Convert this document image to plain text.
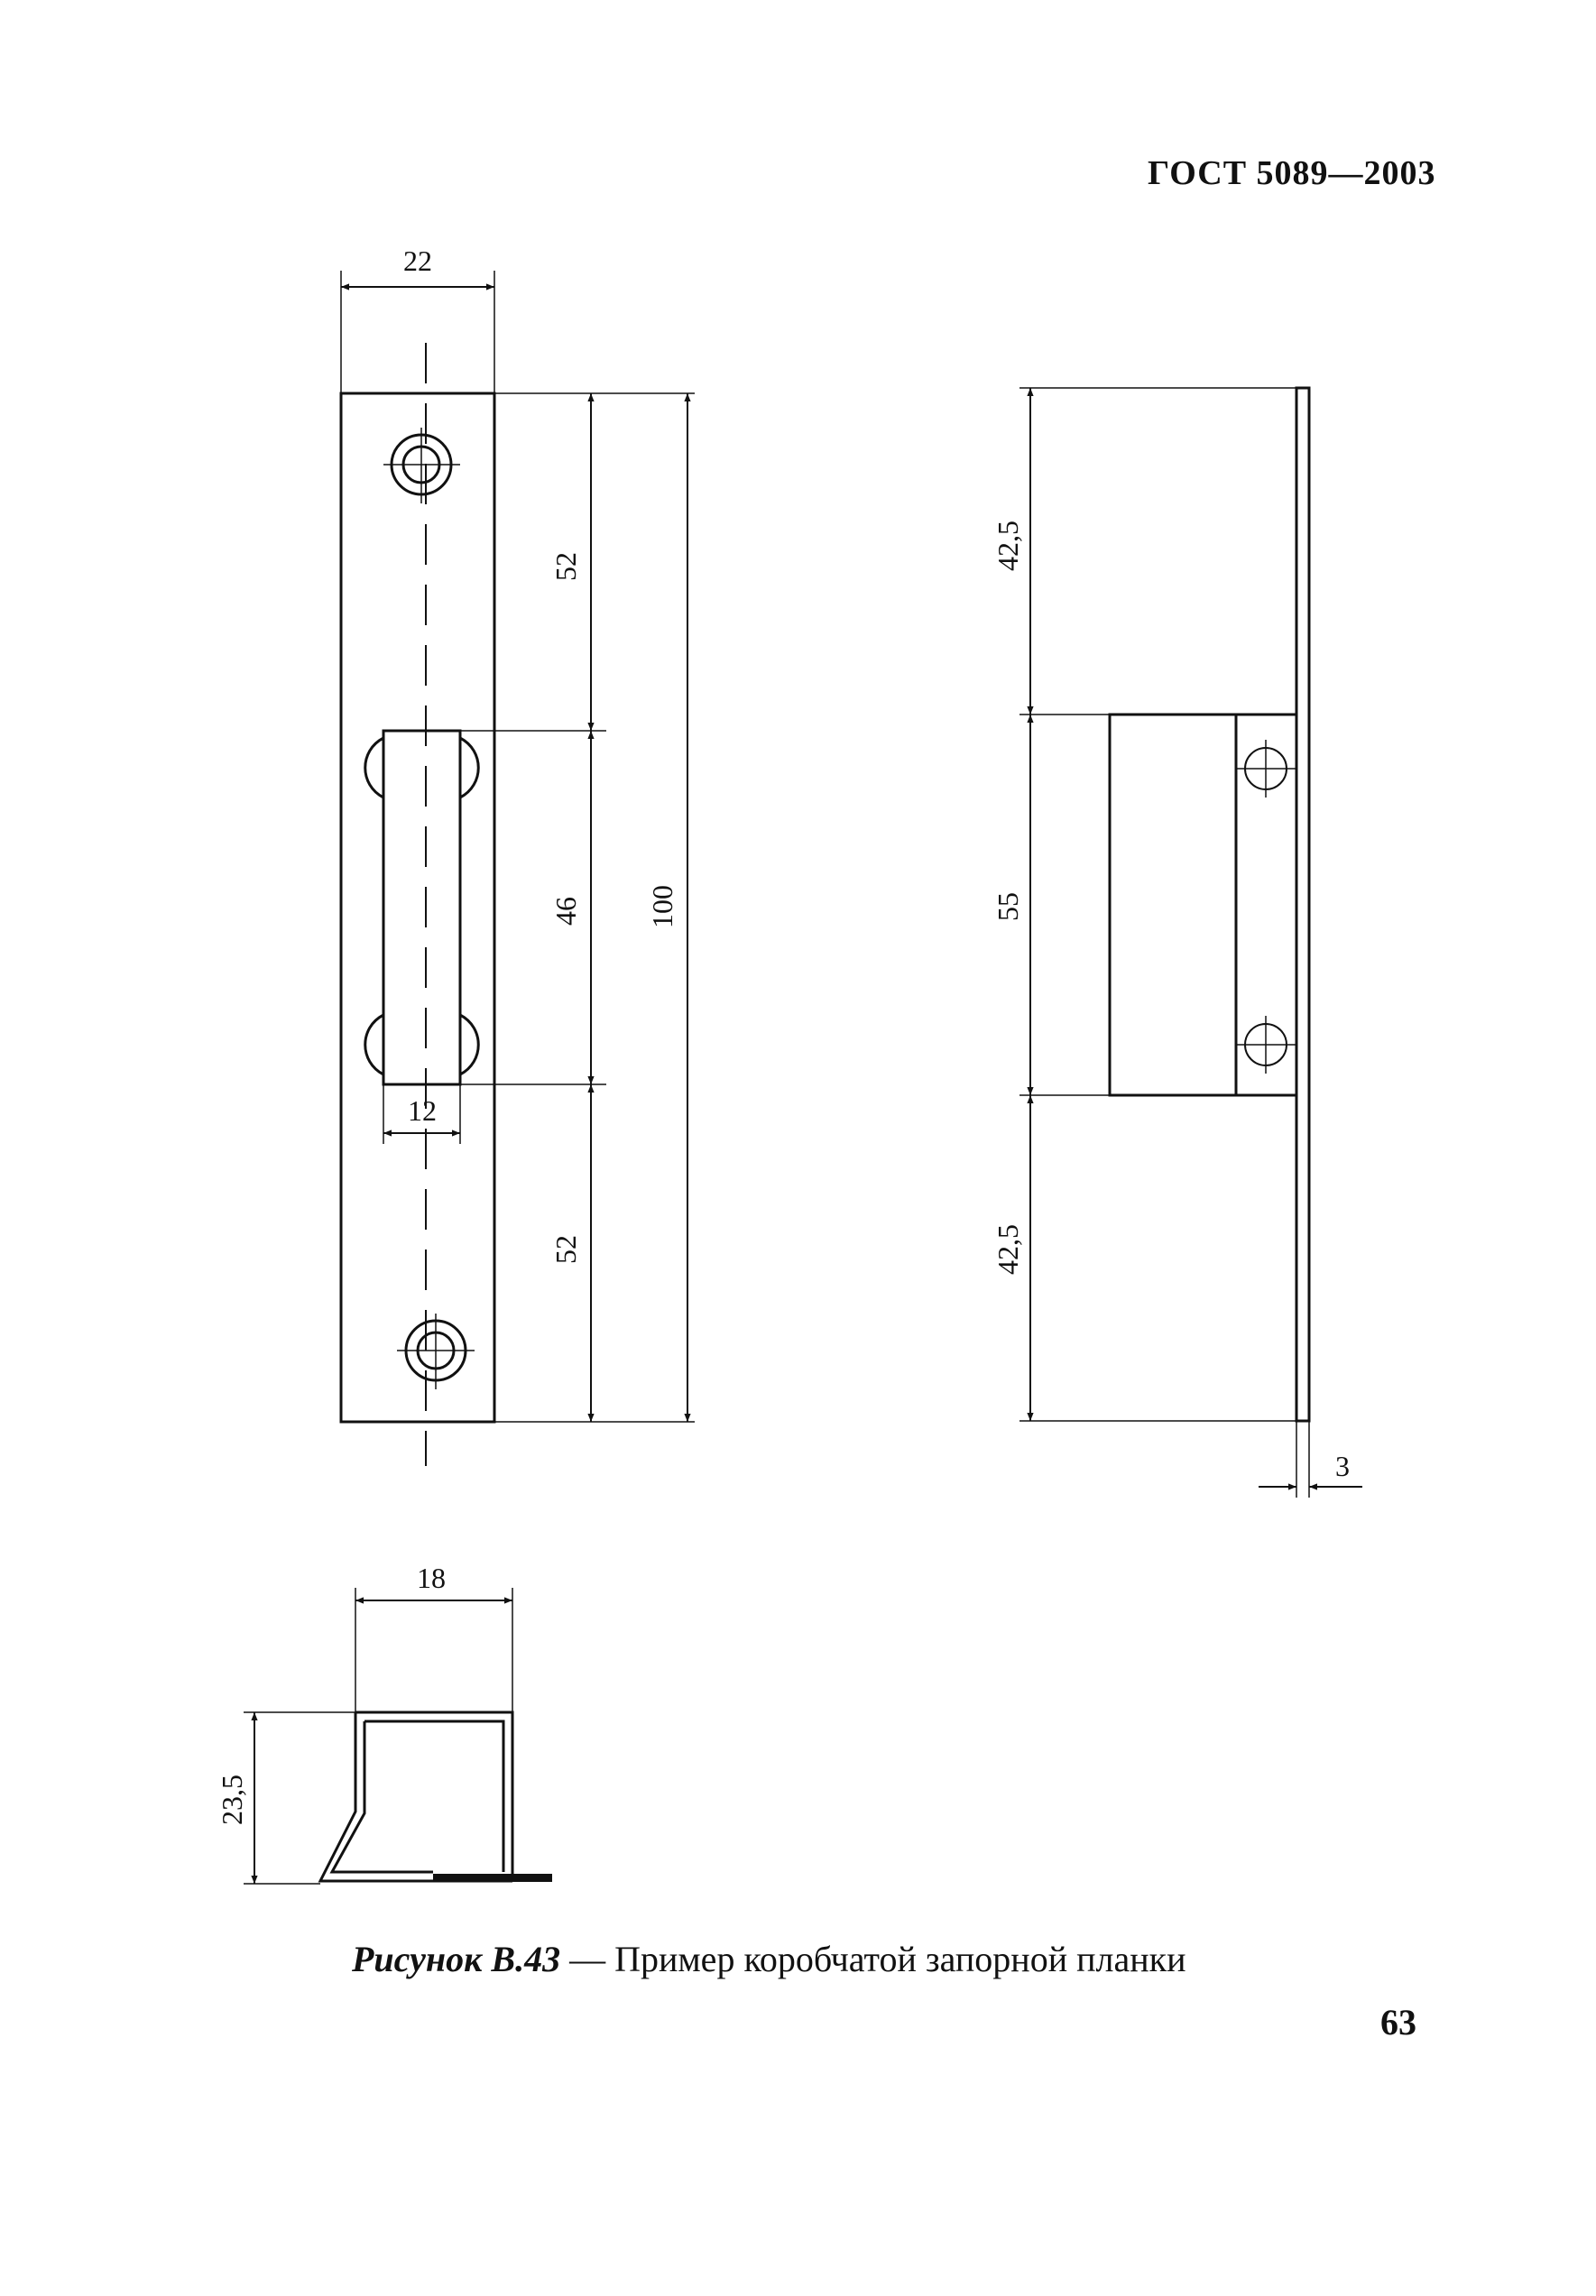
ГОСТ 5089—2003
22
52
46
52
100
12
42,5
55
42,5
3
18
23,5
Рисунок В.43 — Пример коробчатой запорной планки
63
